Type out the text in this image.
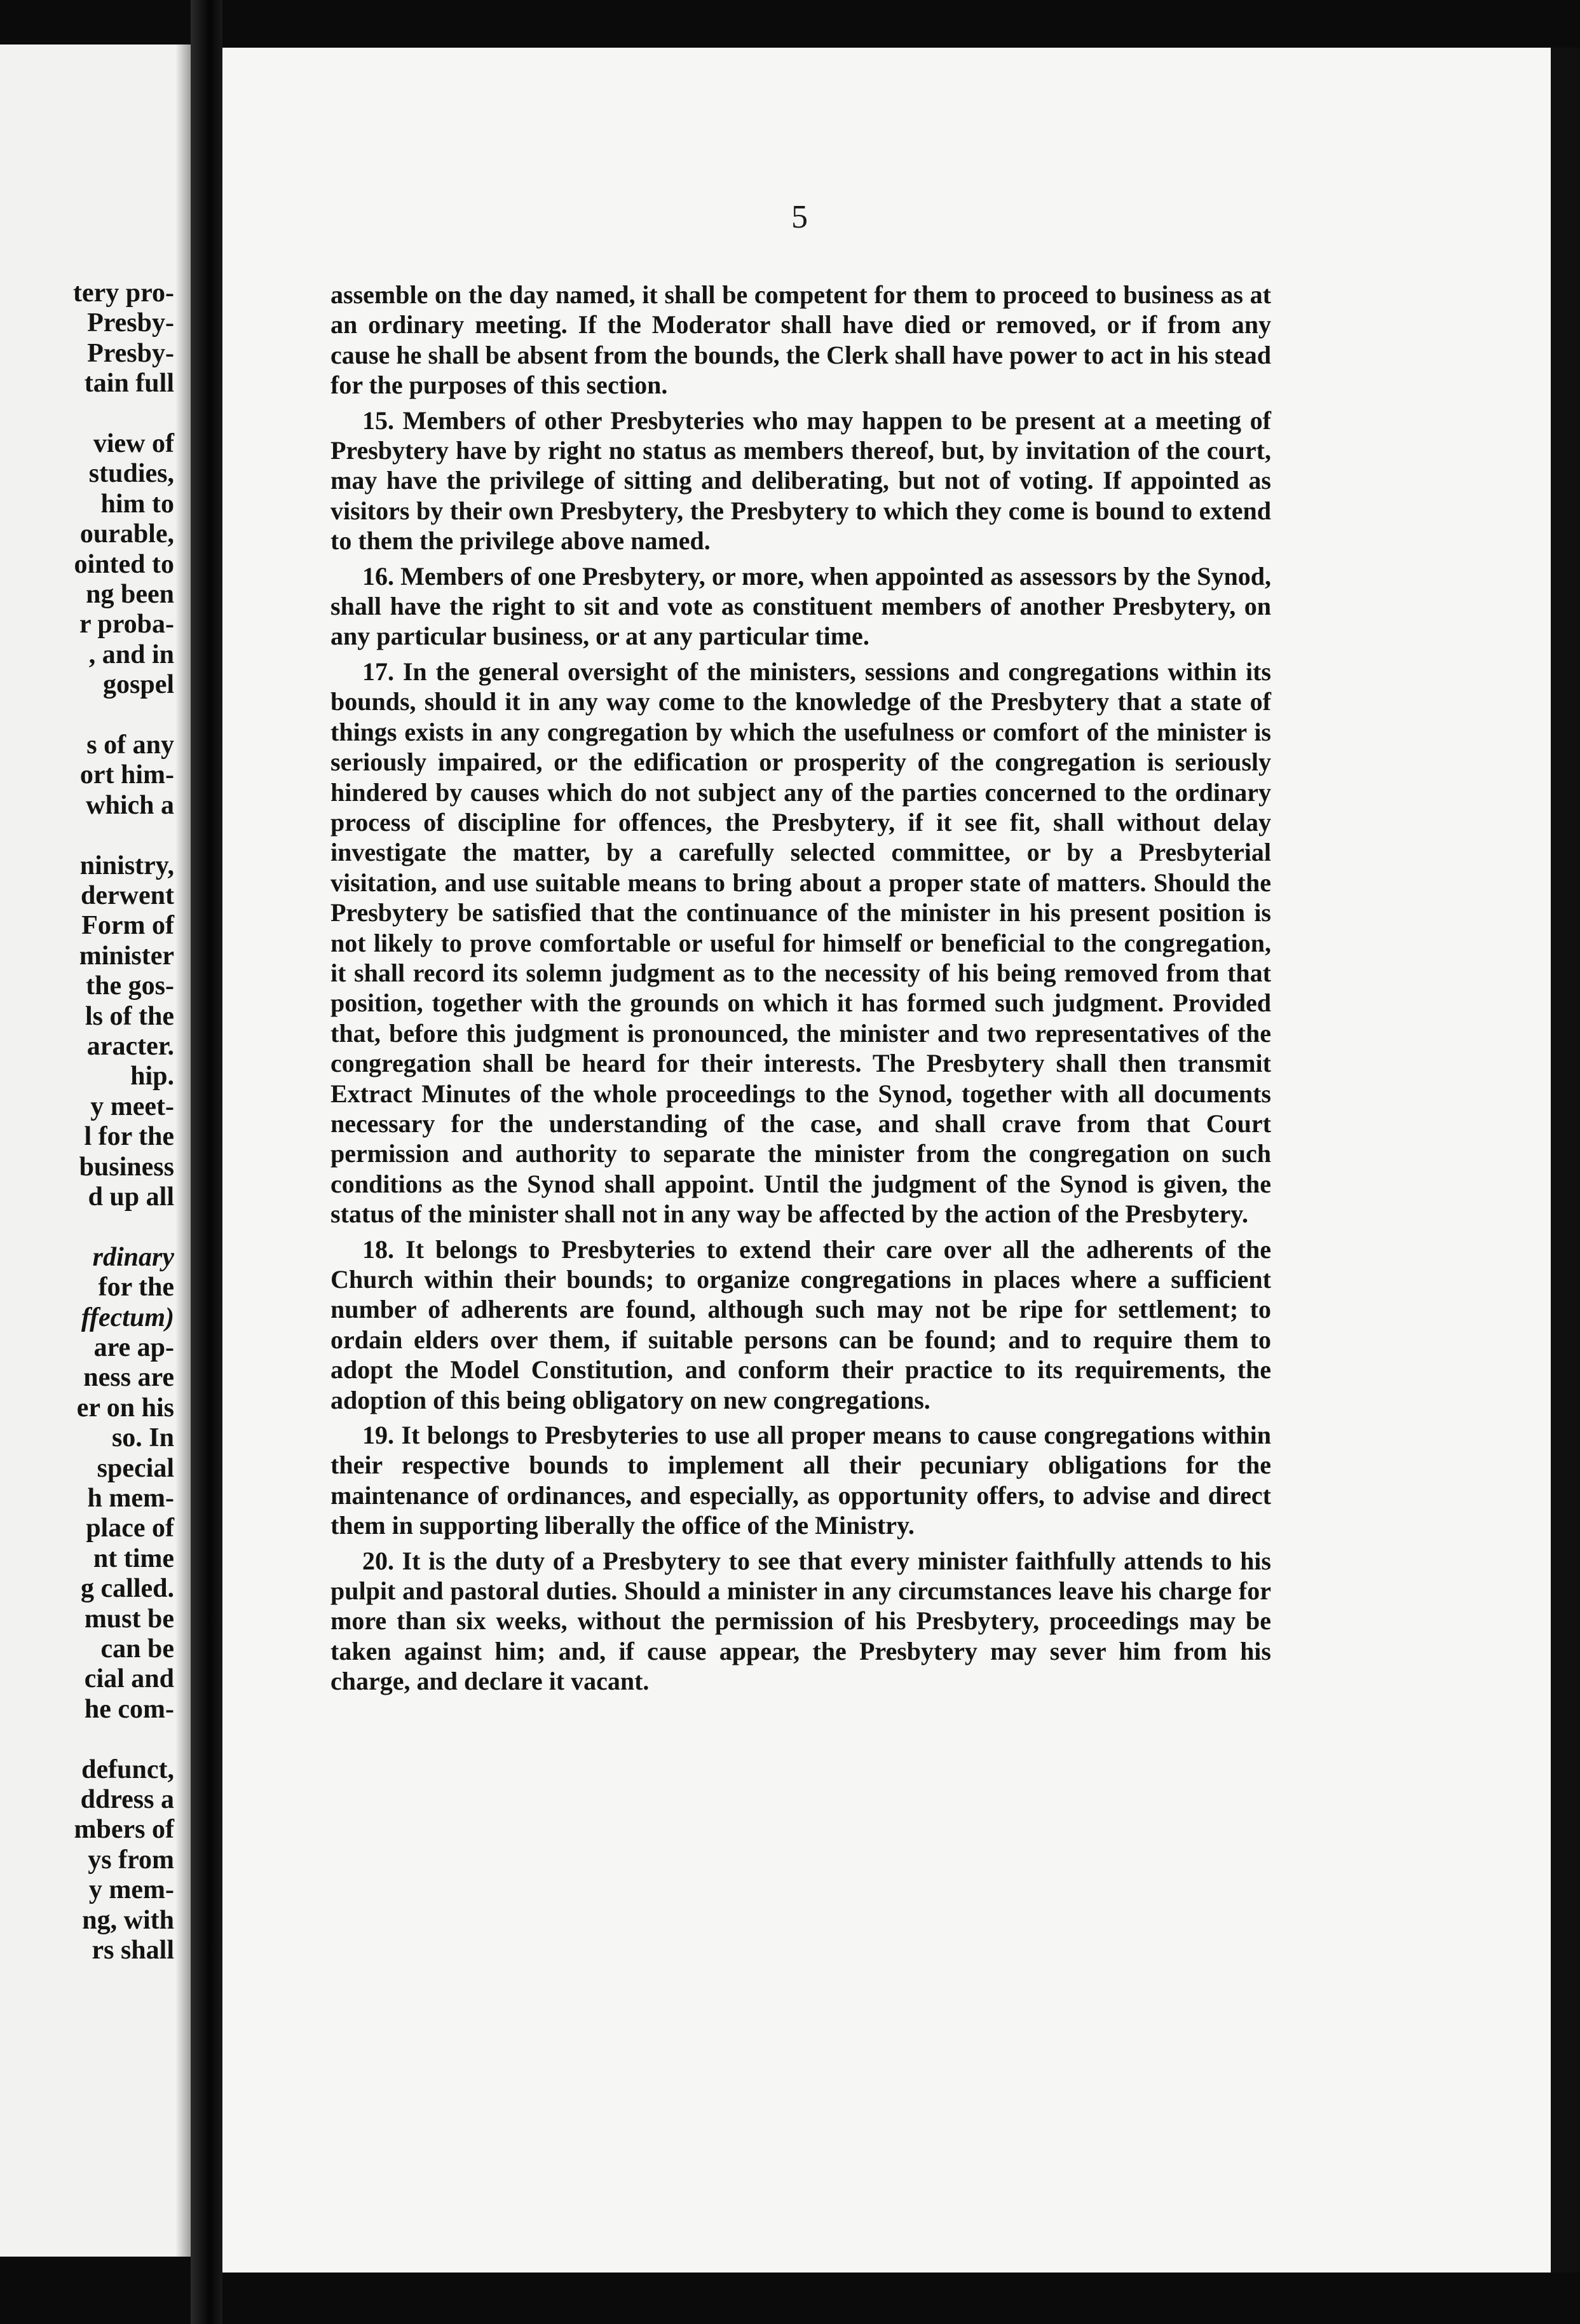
tery pro-

Presby-

Presby-

tain full

view of

studies,

him to

ourable,

ointed to

ng been

r proba-

, and in

gospel

s of any

ort him-

which a

ninistry,

derwent

Form of

minister

the gos-

ls of the

aracter.

hip.

y meet-

l for the

business

d up all

rdinary

for the

ffectum)

are ap-

ness are

er on his

so. In

special

h mem-

place of

nt time

g called.

must be

can be

cial and

he com-

defunct,

ddress a

mbers of

ys from

y mem-

ng, with

rs shall

5

assemble on the day named, it shall be competent for them to proceed to business as at an ordinary meeting. If the Moderator shall have died or removed, or if from any cause he shall be absent from the bounds, the Clerk shall have power to act in his stead for the purposes of this section.

15. Members of other Presbyteries who may happen to be present at a meeting of Presbytery have by right no status as members thereof, but, by invitation of the court, may have the privilege of sitting and deliberating, but not of voting. If appointed as visitors by their own Presbytery, the Presbytery to which they come is bound to extend to them the privilege above named.

16. Members of one Presbytery, or more, when appointed as assessors by the Synod, shall have the right to sit and vote as constituent members of another Presbytery, on any particular business, or at any particular time.

17. In the general oversight of the ministers, sessions and congregations within its bounds, should it in any way come to the knowledge of the Presbytery that a state of things exists in any congregation by which the usefulness or comfort of the minister is seriously impaired, or the edification or prosperity of the congregation is seriously hindered by causes which do not subject any of the parties concerned to the ordinary process of discipline for offences, the Presbytery, if it see fit, shall without delay investigate the matter, by a carefully selected committee, or by a Presbyterial visitation, and use suitable means to bring about a proper state of matters. Should the Presbytery be satisfied that the continuance of the minister in his present position is not likely to prove comfortable or useful for himself or beneficial to the congregation, it shall record its solemn judgment as to the necessity of his being removed from that position, together with the grounds on which it has formed such judgment. Provided that, before this judgment is pronounced, the minister and two representatives of the congregation shall be heard for their interests. The Presbytery shall then transmit Extract Minutes of the whole proceedings to the Synod, together with all documents necessary for the understanding of the case, and shall crave from that Court permission and authority to separate the minister from the congregation on such conditions as the Synod shall appoint. Until the judgment of the Synod is given, the status of the minister shall not in any way be affected by the action of the Presbytery.

18. It belongs to Presbyteries to extend their care over all the adherents of the Church within their bounds; to organize congregations in places where a sufficient number of adherents are found, although such may not be ripe for settlement; to ordain elders over them, if suitable persons can be found; and to require them to adopt the Model Constitution, and conform their practice to its requirements, the adoption of this being obligatory on new congregations.

19. It belongs to Presbyteries to use all proper means to cause congregations within their respective bounds to implement all their pecuniary obligations for the maintenance of ordinances, and especially, as opportunity offers, to advise and direct them in supporting liberally the office of the Ministry.

20. It is the duty of a Presbytery to see that every minister faithfully attends to his pulpit and pastoral duties. Should a minister in any circumstances leave his charge for more than six weeks, without the permission of his Presbytery, proceedings may be taken against him; and, if cause appear, the Presbytery may sever him from his charge, and declare it vacant.
